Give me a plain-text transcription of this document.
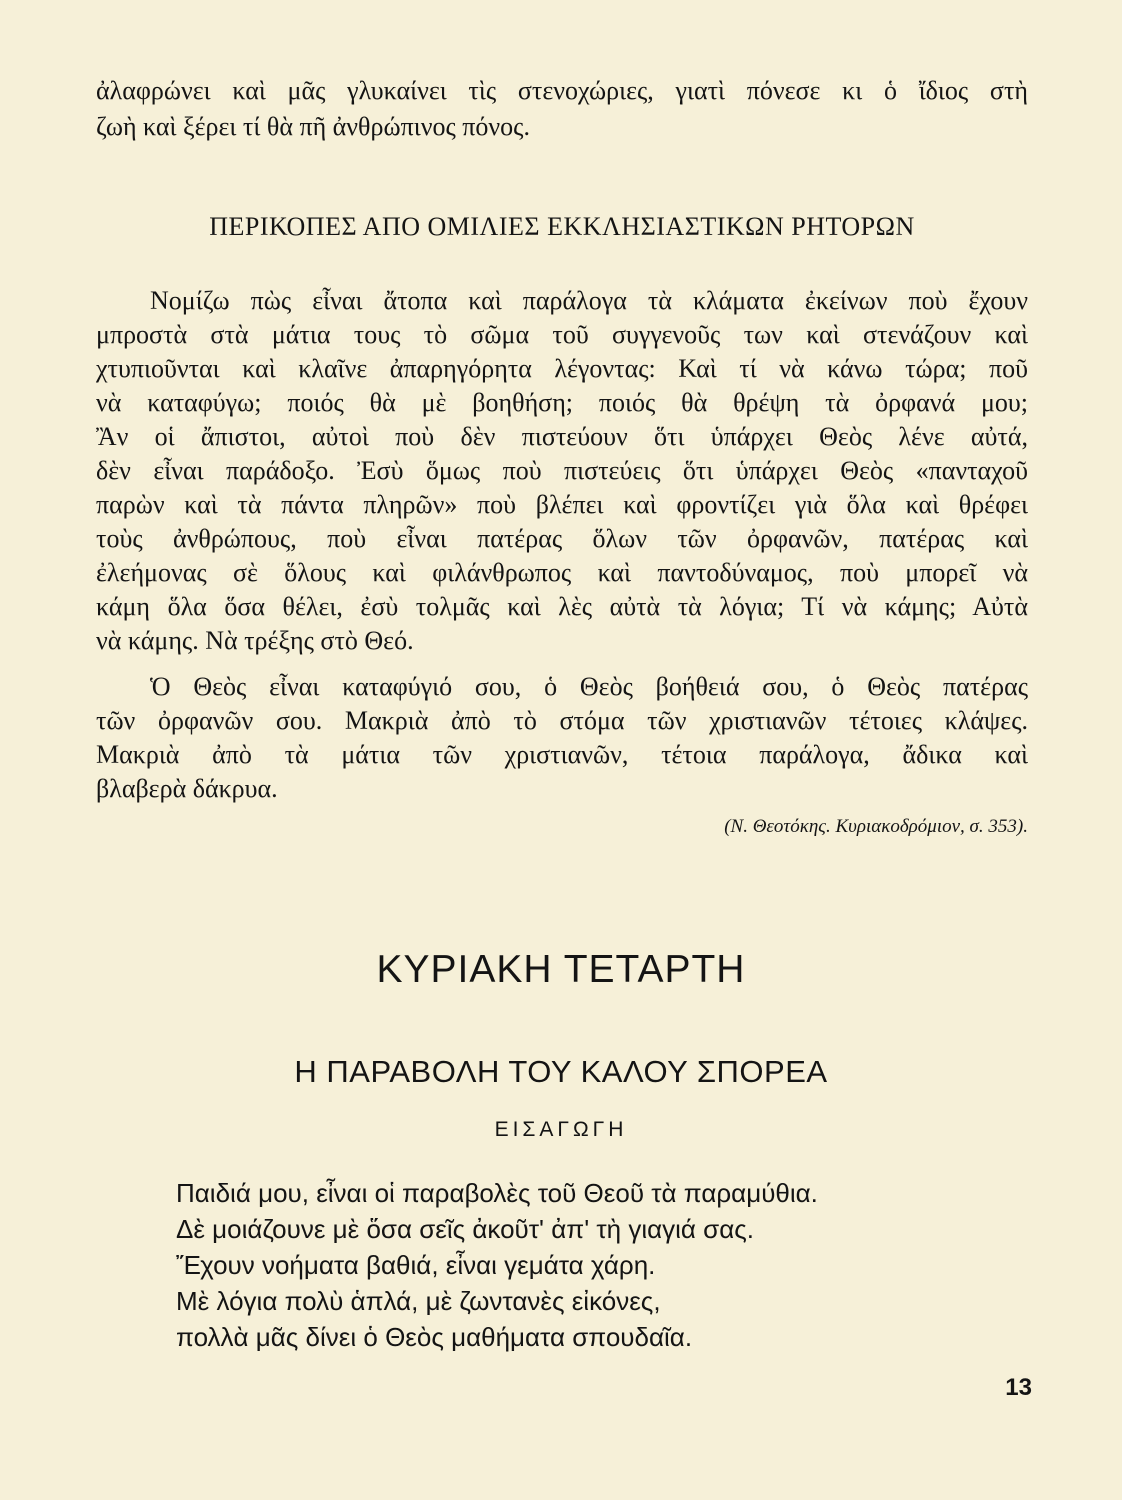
ἀλαφρώνει καὶ μᾶς γλυκαίνει τὶς στενοχώριες, γιατὶ πόνεσε κι ὁ ἴδιος στὴ
ζωὴ καὶ ξέρει τί θὰ πῆ ἀνθρώπινος πόνος.
ΠΕΡΙΚΟΠΕΣ ΑΠΟ ΟΜΙΛΙΕΣ ΕΚΚΛΗΣΙΑΣΤΙΚΩΝ ΡΗΤΟΡΩΝ
Νομίζω πὼς εἶναι ἄτοπα καὶ παράλογα τὰ κλάματα ἐκείνων ποὺ ἔχουν
μπροστὰ στὰ μάτια τους τὸ σῶμα τοῦ συγγενοῦς των καὶ στενάζουν καὶ
χτυπιοῦνται καὶ κλαῖνε ἀπαρηγόρητα λέγοντας: Καὶ τί νὰ κάνω τώρα; ποῦ
νὰ καταφύγω; ποιός θὰ μὲ βοηθήση; ποιός θὰ θρέψη τὰ ὀρφανά μου;
Ἂν οἱ ἄπιστοι, αὐτοὶ ποὺ δὲν πιστεύουν ὅτι ὑπάρχει Θεὸς λένε αὐτά,
δὲν εἶναι παράδοξο. Ἐσὺ ὅμως ποὺ πιστεύεις ὅτι ὑπάρχει Θεὸς «πανταχοῦ
παρὼν καὶ τὰ πάντα πληρῶν» ποὺ βλέπει καὶ φροντίζει γιὰ ὅλα καὶ θρέφει
τοὺς ἀνθρώπους, ποὺ εἶναι πατέρας ὅλων τῶν ὀρφανῶν, πατέρας καὶ
ἐλεήμονας σὲ ὅλους καὶ φιλάνθρωπος καὶ παντοδύναμος, ποὺ μπορεῖ νὰ
κάμη ὅλα ὅσα θέλει, ἐσὺ τολμᾶς καὶ λὲς αὐτὰ τὰ λόγια; Τί νὰ κάμης; Αὐτὰ
νὰ κάμης. Νὰ τρέξης στὸ Θεό.
Ὁ Θεὸς εἶναι καταφύγιό σου, ὁ Θεὸς βοήθειά σου, ὁ Θεὸς πατέρας
τῶν ὀρφανῶν σου. Μακριὰ ἀπὸ τὸ στόμα τῶν χριστιανῶν τέτοιες κλάψες.
Μακριὰ ἀπὸ τὰ μάτια τῶν χριστιανῶν, τέτοια παράλογα, ἄδικα καὶ
βλαβερὰ δάκρυα.
(Ν. Θεοτόκης. Κυριακοδρόμιον, σ. 353).
ΚΥΡΙΑΚΗ ΤΕΤΑΡΤΗ
Η ΠΑΡΑΒΟΛΗ ΤΟΥ ΚΑΛΟΥ ΣΠΟΡΕΑ
ΕΙΣΑΓΩΓΗ
Παιδιά μου, εἶναι οἱ παραβολὲς τοῦ Θεοῦ τὰ παραμύθια.
Δὲ μοιάζουνε μὲ ὅσα σεῖς ἀκοῦτ' ἀπ' τὴ γιαγιά σας.
Ἔχουν νοήματα βαθιά, εἶναι γεμάτα χάρη.
Μὲ λόγια πολὺ ἁπλά, μὲ ζωντανὲς εἰκόνες,
πολλὰ μᾶς δίνει ὁ Θεὸς μαθήματα σπουδαῖα.
13
